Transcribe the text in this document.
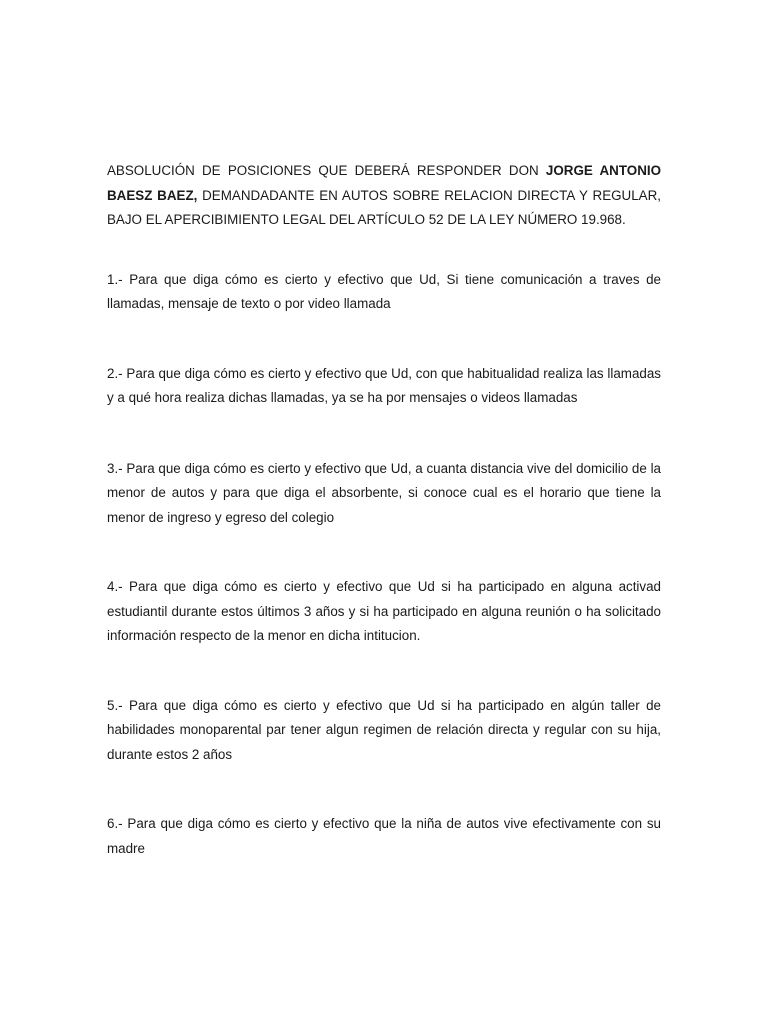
ABSOLUCIÓN DE POSICIONES QUE DEBERÁ RESPONDER DON JORGE ANTONIO BAESZ BAEZ, DEMANDADANTE EN AUTOS SOBRE RELACION DIRECTA Y REGULAR, BAJO EL APERCIBIMIENTO LEGAL DEL ARTÍCULO 52 DE LA LEY NÚMERO 19.968.

1.- Para que diga cómo es cierto y efectivo que Ud, Si tiene comunicación a traves de llamadas, mensaje de texto o por video llamada

2.- Para que diga cómo es cierto y efectivo que Ud, con que habitualidad realiza las llamadas y a qué hora realiza dichas llamadas, ya se ha por mensajes o videos llamadas

3.- Para que diga cómo es cierto y efectivo que Ud, a cuanta distancia vive del domicilio de la menor de autos y para que diga el absorbente, si conoce cual es el horario que tiene la menor de ingreso y egreso del colegio

4.- Para que diga cómo es cierto y efectivo que Ud si ha participado en alguna activad estudiantil durante estos últimos 3 años y si ha participado en alguna reunión o ha solicitado información respecto de la menor en dicha intitucion.

5.- Para que diga cómo es cierto y efectivo que Ud si ha participado en algún taller de habilidades monoparental par tener algun regimen de relación directa y regular con su hija, durante estos 2 años

6.- Para que diga cómo es cierto y efectivo que la niña de autos vive efectivamente con su madre
